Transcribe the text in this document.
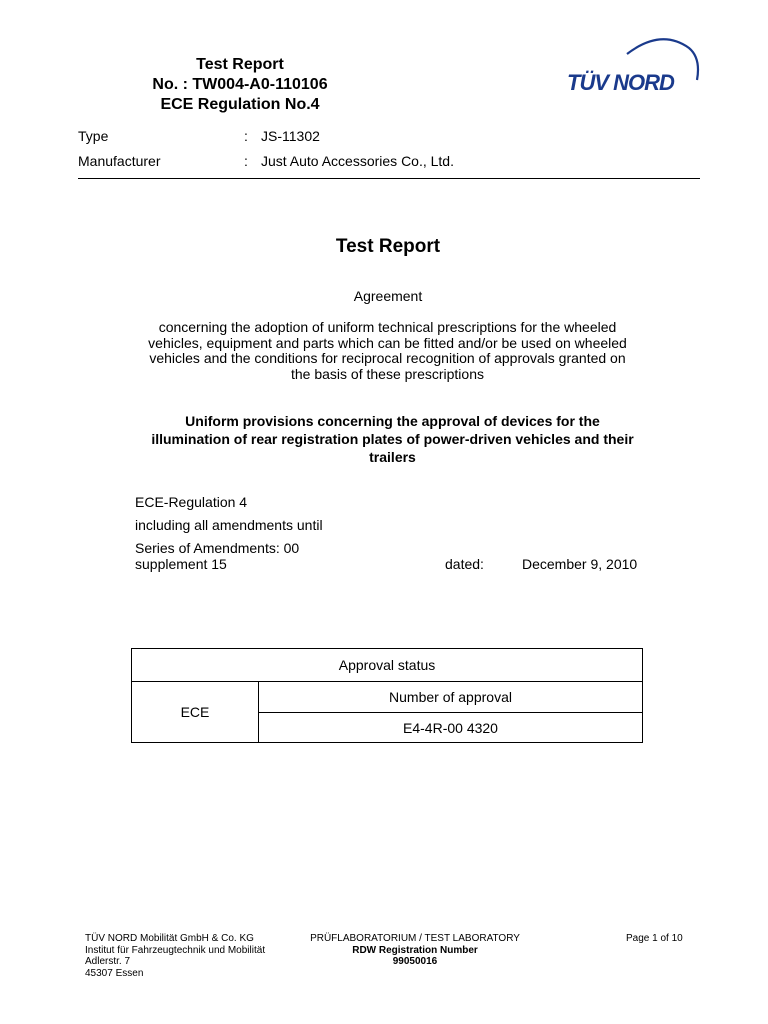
Test Report
No. : TW004-A0-110106
ECE Regulation No.4
TÜV NORD
Type	: JS-11302
Manufacturer	: Just Auto Accessories Co., Ltd.
Test Report
Agreement
concerning the adoption of uniform technical prescriptions for the wheeled vehicles, equipment and parts which can be fitted and/or be used on wheeled vehicles and the conditions for reciprocal recognition of approvals granted on the basis of these prescriptions
Uniform provisions concerning the approval of devices for the illumination of rear registration plates of power-driven vehicles and their trailers
ECE-Regulation 4
including all amendments until
Series of Amendments: 00
supplement 15	dated:	December 9, 2010
Approval status
ECE	Number of approval
E4-4R-00 4320
TÜV NORD Mobilität GmbH & Co. KG
Institut für Fahrzeugtechnik und Mobilität
Adlerstr. 7
45307 Essen
PRÜFLABORATORIUM / TEST LABORATORY
RDW Registration Number
99050016
Page 1 of 10
